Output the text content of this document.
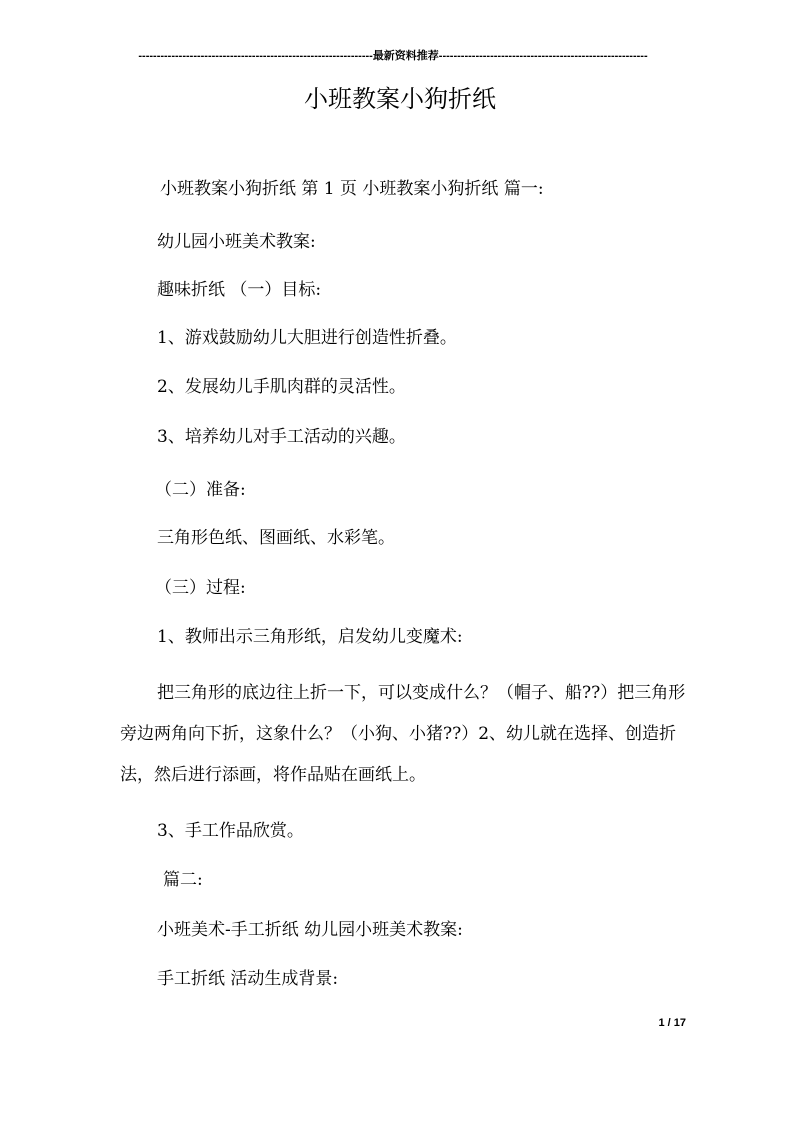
----------------------------------------------------------------最新资料推荐---------------------------------------------------------
小班教案小狗折纸
小班教案小狗折纸 第 1 页 小班教案小狗折纸 篇一:
幼儿园小班美术教案:
趣味折纸 （一）目标:
1、游戏鼓励幼儿大胆进行创造性折叠。
2、发展幼儿手肌肉群的灵活性。
3、培养幼儿对手工活动的兴趣。
（二）准备:
三角形色纸、图画纸、水彩笔。
（三）过程:
1、教师出示三角形纸，启发幼儿变魔术:
把三角形的底边往上折一下，可以变成什么？（帽子、船??）把三角形旁边两角向下折，这象什么？（小狗、小猪??）2、幼儿就在选择、创造折法，然后进行添画，将作品贴在画纸上。
3、手工作品欣赏。
篇二:
小班美术-手工折纸 幼儿园小班美术教案:
手工折纸 活动生成背景:
1 / 17
